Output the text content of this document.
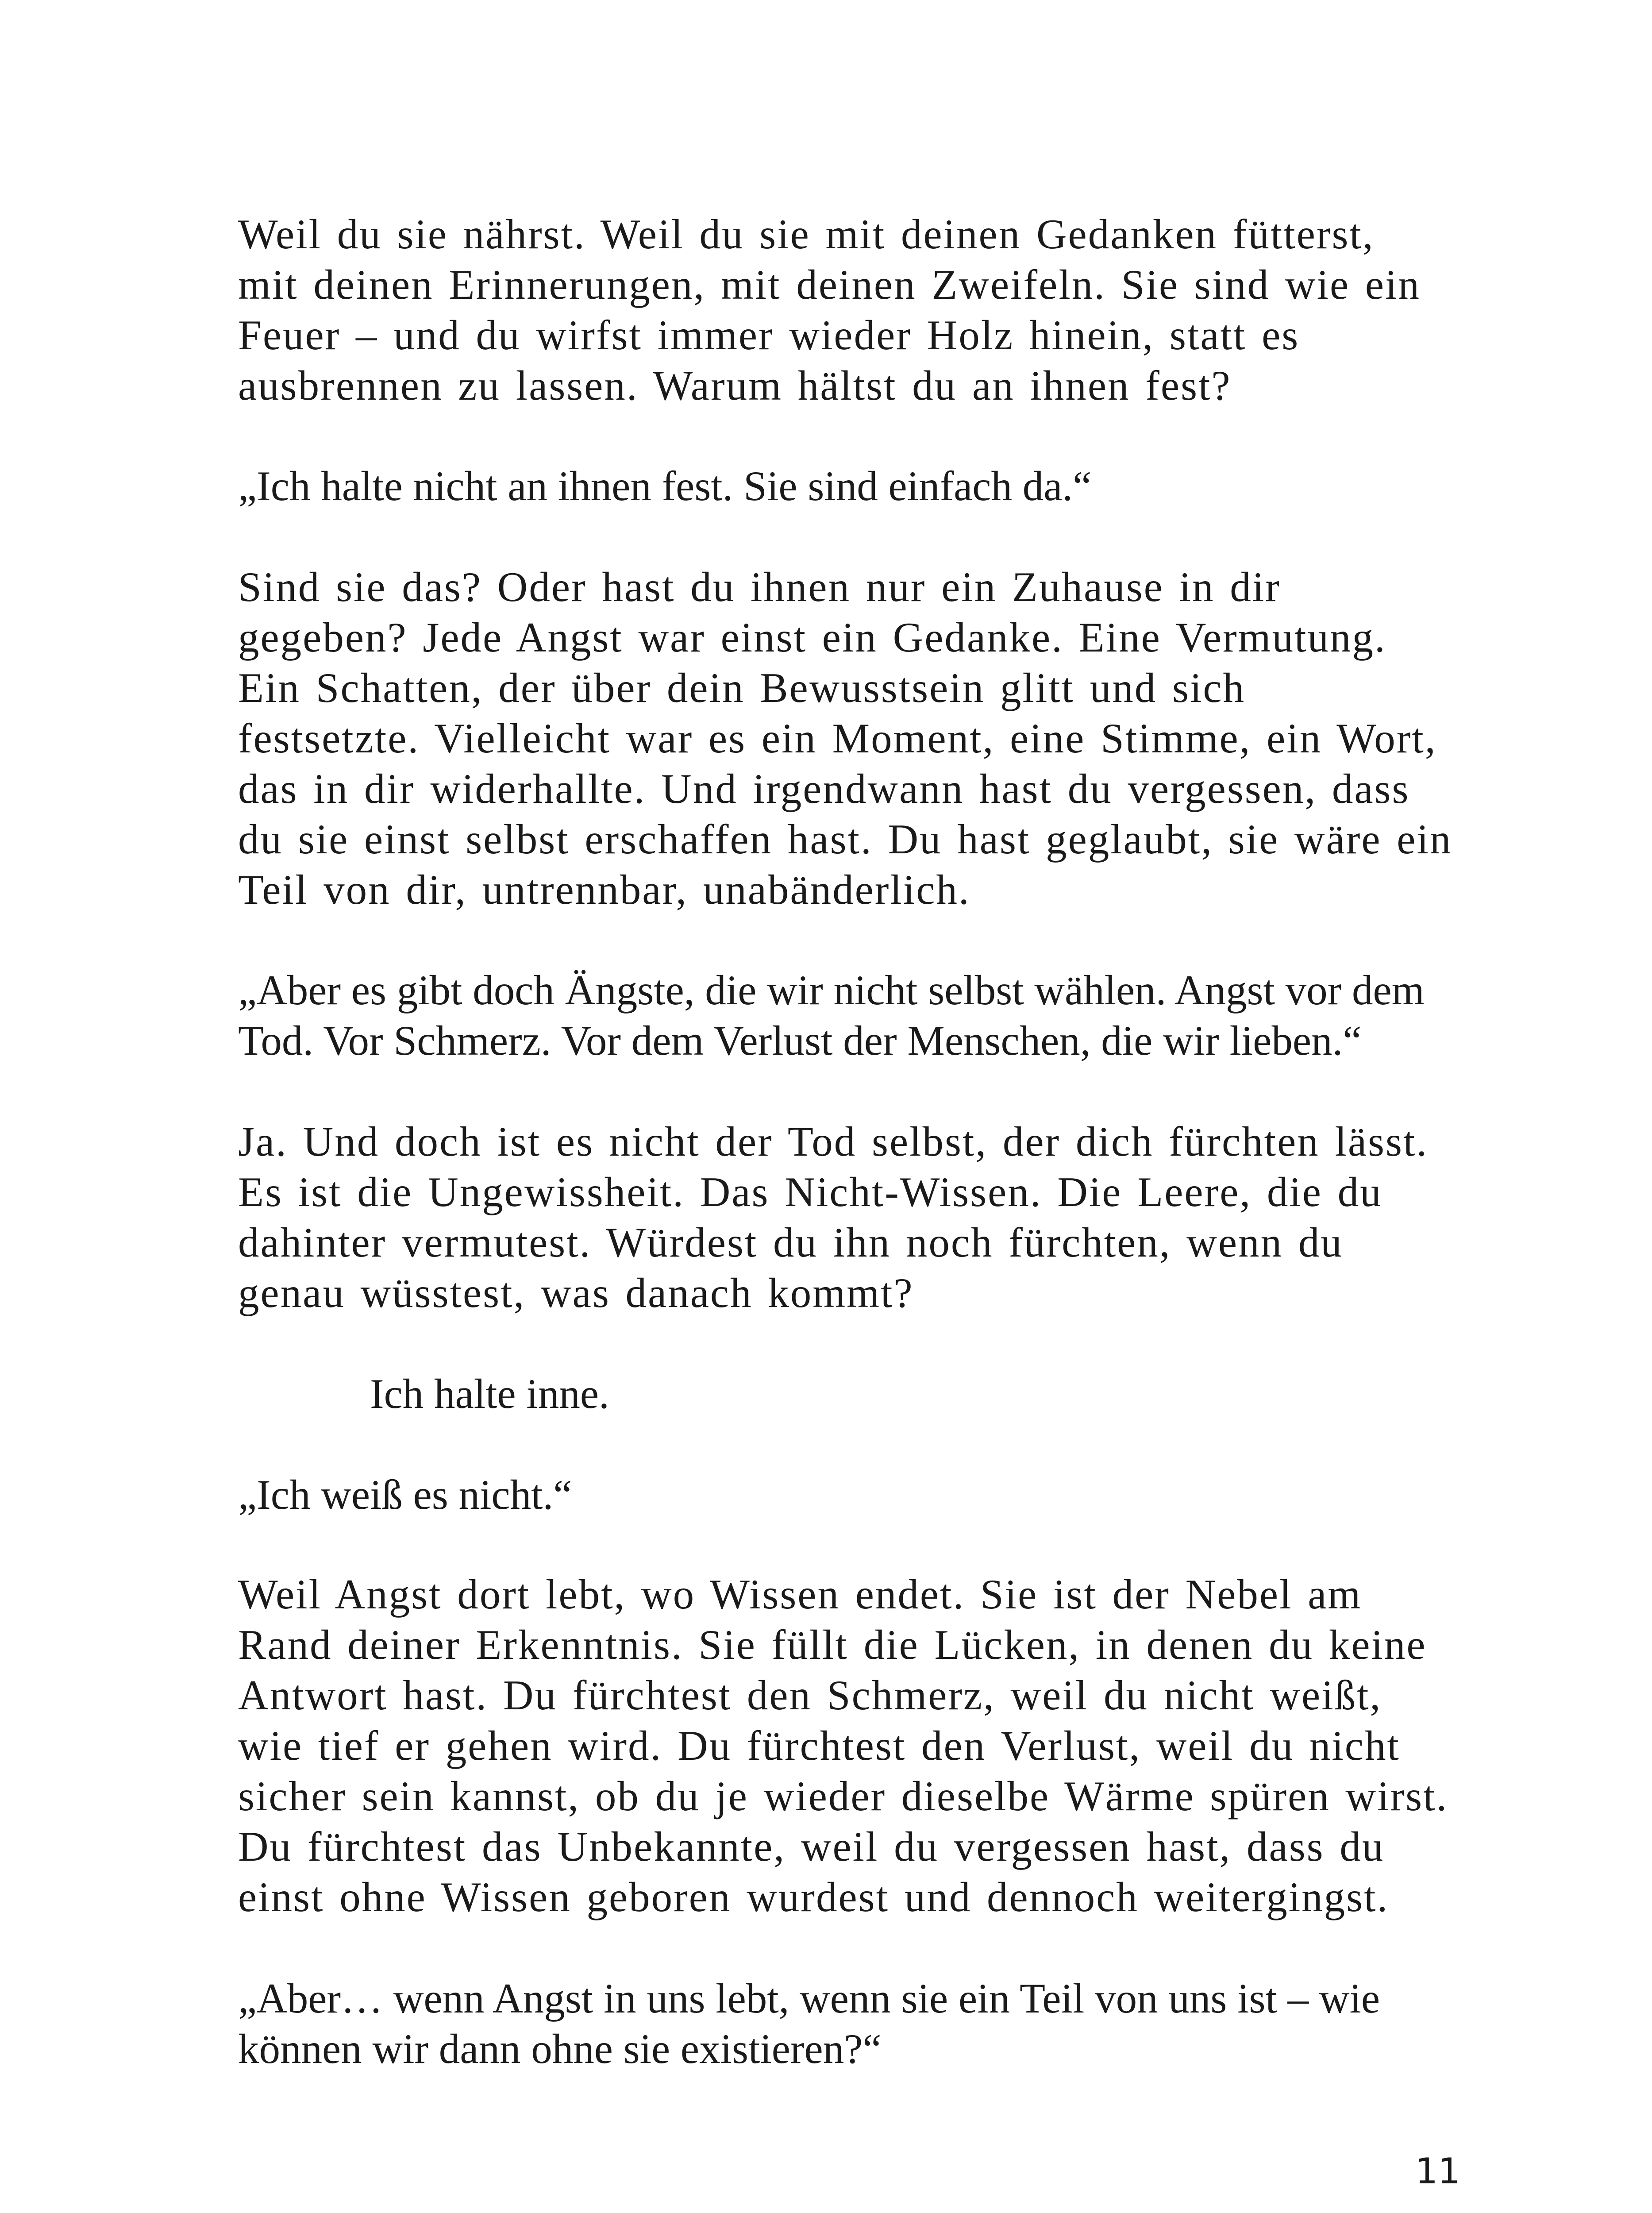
Weil du sie nährst. Weil du sie mit deinen Gedanken fütterst,
mit deinen Erinnerungen, mit deinen Zweifeln. Sie sind wie ein
Feuer – und du wirfst immer wieder Holz hinein, statt es
ausbrennen zu lassen. Warum hältst du an ihnen fest?

„Ich halte nicht an ihnen fest. Sie sind einfach da.“

Sind sie das? Oder hast du ihnen nur ein Zuhause in dir
gegeben? Jede Angst war einst ein Gedanke. Eine Vermutung.
Ein Schatten, der über dein Bewusstsein glitt und sich
festsetzte. Vielleicht war es ein Moment, eine Stimme, ein Wort,
das in dir widerhallte. Und irgendwann hast du vergessen, dass
du sie einst selbst erschaffen hast. Du hast geglaubt, sie wäre ein
Teil von dir, untrennbar, unabänderlich.

„Aber es gibt doch Ängste, die wir nicht selbst wählen. Angst vor dem
Tod. Vor Schmerz. Vor dem Verlust der Menschen, die wir lieben.“

Ja. Und doch ist es nicht der Tod selbst, der dich fürchten lässt.
Es ist die Ungewissheit. Das Nicht-Wissen. Die Leere, die du
dahinter vermutest. Würdest du ihn noch fürchten, wenn du
genau wüsstest, was danach kommt?

Ich halte inne.

„Ich weiß es nicht.“

Weil Angst dort lebt, wo Wissen endet. Sie ist der Nebel am
Rand deiner Erkenntnis. Sie füllt die Lücken, in denen du keine
Antwort hast. Du fürchtest den Schmerz, weil du nicht weißt,
wie tief er gehen wird. Du fürchtest den Verlust, weil du nicht
sicher sein kannst, ob du je wieder dieselbe Wärme spüren wirst.
Du fürchtest das Unbekannte, weil du vergessen hast, dass du
einst ohne Wissen geboren wurdest und dennoch weitergingst.

„Aber… wenn Angst in uns lebt, wenn sie ein Teil von uns ist – wie
können wir dann ohne sie existieren?“

11
